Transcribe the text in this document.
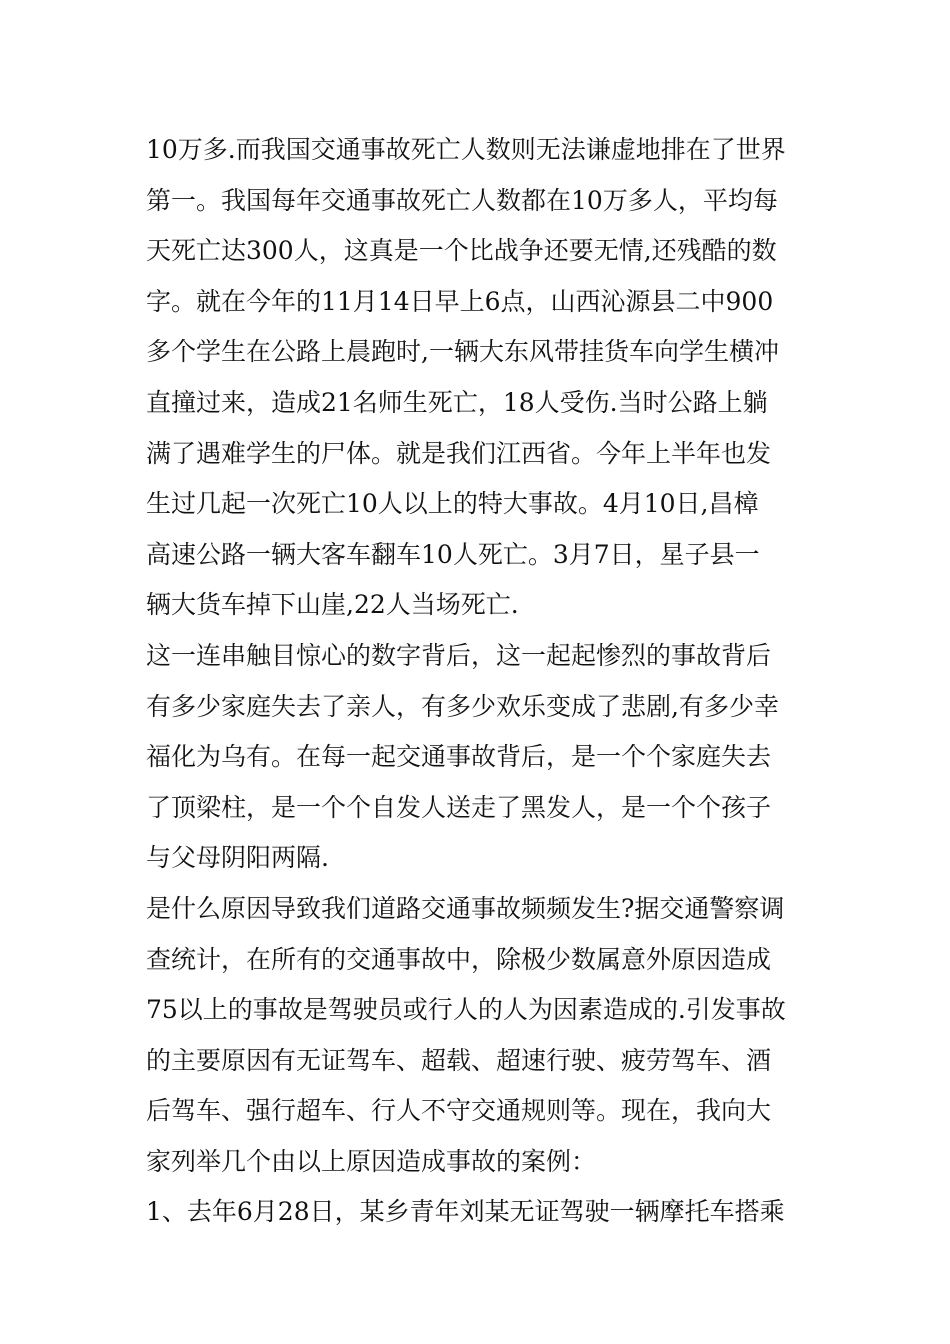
10万多.而我国交通事故死亡人数则无法谦虚地排在了世界
第一。我国每年交通事故死亡人数都在10万多人，平均每
天死亡达300人，这真是一个比战争还要无情,还残酷的数
字。就在今年的11月14日早上6点，山西沁源县二中900
多个学生在公路上晨跑时,一辆大东风带挂货车向学生横冲
直撞过来，造成21名师生死亡，18人受伤.当时公路上躺
满了遇难学生的尸体。就是我们江西省。今年上半年也发
生过几起一次死亡10人以上的特大事故。4月10日,昌樟
高速公路一辆大客车翻车10人死亡。3月7日，星子县一
辆大货车掉下山崖,22人当场死亡.
这一连串触目惊心的数字背后，这一起起惨烈的事故背后
有多少家庭失去了亲人，有多少欢乐变成了悲剧,有多少幸
福化为乌有。在每一起交通事故背后，是一个个家庭失去
了顶梁柱，是一个个自发人送走了黑发人，是一个个孩子
与父母阴阳两隔.
是什么原因导致我们道路交通事故频频发生?据交通警察调
查统计，在所有的交通事故中，除极少数属意外原因造成
75以上的事故是驾驶员或行人的人为因素造成的.引发事故
的主要原因有无证驾车、超载、超速行驶、疲劳驾车、酒
后驾车、强行超车、行人不守交通规则等。现在，我向大
家列举几个由以上原因造成事故的案例：
1、去年6月28日，某乡青年刘某无证驾驶一辆摩托车搭乘
